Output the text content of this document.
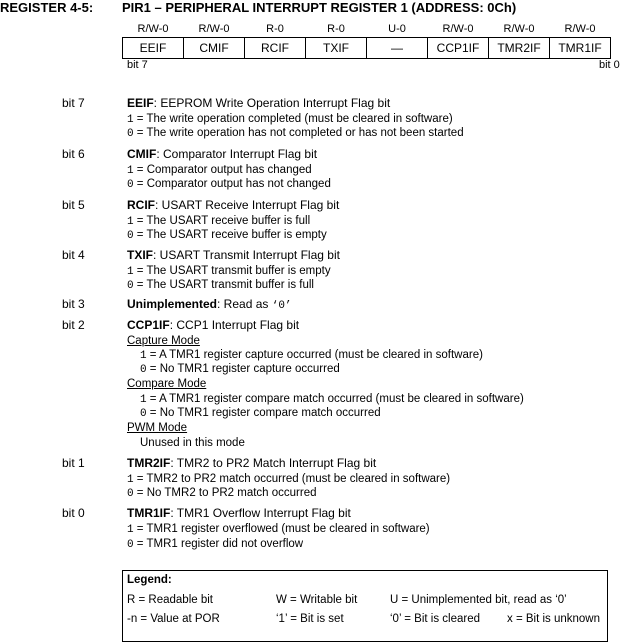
REGISTER 4-5: PIR1 – PERIPHERAL INTERRUPT REGISTER 1 (ADDRESS: 0Ch)
R/W-0	R/W-0	R-0	R-0	U-0	R/W-0	R/W-0	R/W-0
EEIF	CMIF	RCIF	TXIF	—	CCP1IF	TMR2IF	TMR1IF
bit 7	bit 0
bit 7	EEIF: EEPROM Write Operation Interrupt Flag bit
1 = The write operation completed (must be cleared in software)
0 = The write operation has not completed or has not been started
bit 6	CMIF: Comparator Interrupt Flag bit
1 = Comparator output has changed
0 = Comparator output has not changed
bit 5	RCIF: USART Receive Interrupt Flag bit
1 = The USART receive buffer is full
0 = The USART receive buffer is empty
bit 4	TXIF: USART Transmit Interrupt Flag bit
1 = The USART transmit buffer is empty
0 = The USART transmit buffer is full
bit 3	Unimplemented: Read as ‘0’
bit 2	CCP1IF: CCP1 Interrupt Flag bit
Capture Mode
1 = A TMR1 register capture occurred (must be cleared in software)
0 = No TMR1 register capture occurred
Compare Mode
1 = A TMR1 register compare match occurred (must be cleared in software)
0 = No TMR1 register compare match occurred
PWM Mode
Unused in this mode
bit 1	TMR2IF: TMR2 to PR2 Match Interrupt Flag bit
1 = TMR2 to PR2 match occurred (must be cleared in software)
0 = No TMR2 to PR2 match occurred
bit 0	TMR1IF: TMR1 Overflow Interrupt Flag bit
1 = TMR1 register overflowed (must be cleared in software)
0 = TMR1 register did not overflow
Legend:
R = Readable bit	W = Writable bit	U = Unimplemented bit, read as ‘0’
-n = Value at POR	‘1’ = Bit is set	‘0’ = Bit is cleared x = Bit is unknown
